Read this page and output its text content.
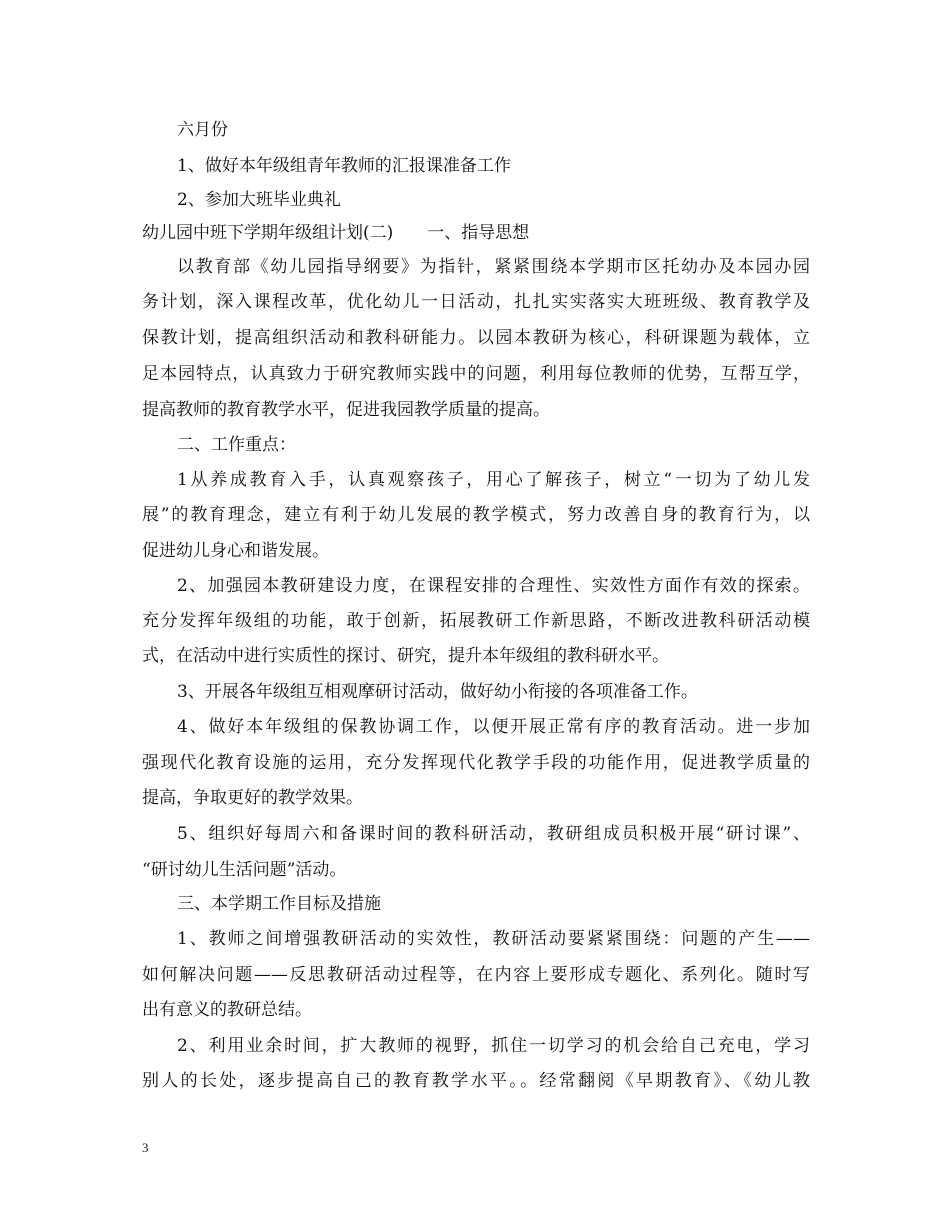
六月份
1、做好本年级组青年教师的汇报课准备工作
2、参加大班毕业典礼
幼儿园中班下学期年级组计划(二)　　一、指导思想
以教育部《幼儿园指导纲要》为指针，紧紧围绕本学期市区托幼办及本园办园
务计划，深入课程改革，优化幼儿一日活动，扎扎实实落实大班班级、教育教学及
保教计划，提高组织活动和教科研能力。以园本教研为核心，科研课题为载体，立
足本园特点，认真致力于研究教师实践中的问题，利用每位教师的优势，互帮互学，
提高教师的教育教学水平，促进我园教学质量的提高。
二、工作重点：
1从养成教育入手，认真观察孩子，用心了解孩子，树立“一切为了幼儿发
展”的教育理念，建立有利于幼儿发展的教学模式，努力改善自身的教育行为，以
促进幼儿身心和谐发展。
2、加强园本教研建设力度，在课程安排的合理性、实效性方面作有效的探索。
充分发挥年级组的功能，敢于创新，拓展教研工作新思路，不断改进教科研活动模
式，在活动中进行实质性的探讨、研究，提升本年级组的教科研水平。
3、开展各年级组互相观摩研讨活动，做好幼小衔接的各项准备工作。
4、做好本年级组的保教协调工作，以便开展正常有序的教育活动。进一步加
强现代化教育设施的运用，充分发挥现代化教学手段的功能作用，促进教学质量的
提高，争取更好的教学效果。
5、组织好每周六和备课时间的教科研活动，教研组成员积极开展“研讨课”、
“研讨幼儿生活问题”活动。
三、本学期工作目标及措施
1、教师之间增强教研活动的实效性，教研活动要紧紧围绕：问题的产生——
如何解决问题——反思教研活动过程等，在内容上要形成专题化、系列化。随时写
出有意义的教研总结。
2、利用业余时间，扩大教师的视野，抓住一切学习的机会给自己充电，学习
别人的长处，逐步提高自己的教育教学水平。。经常翻阅《早期教育》、《幼儿教
3
